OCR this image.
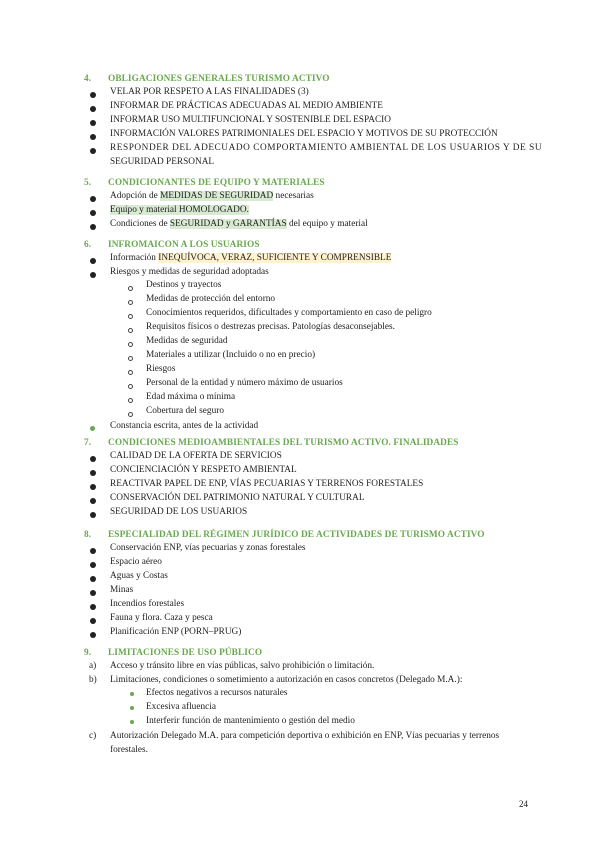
4. OBLIGACIONES GENERALES TURISMO ACTIVO
VELAR POR RESPETO A LAS FINALIDADES (3)
INFORMAR DE PRÁCTICAS ADECUADAS AL MEDIO AMBIENTE
INFORMAR USO MULTIFUNCIONAL Y SOSTENIBLE DEL ESPACIO
INFORMACIÓN VALORES PATRIMONIALES DEL ESPACIO Y MOTIVOS DE SU PROTECCIÓN
RESPONDER DEL ADECUADO COMPORTAMIENTO AMBIENTAL DE LOS USUARIOS Y DE SU
SEGURIDAD PERSONAL
5. CONDICIONANTES DE EQUIPO Y MATERIALES
Adopción de MEDIDAS DE SEGURIDAD necesarias
Equipo y material HOMOLOGADO.
Condiciones de SEGURIDAD y GARANTÍAS del equipo y material
6. INFROMAICON A LOS USUARIOS
Información INEQUÍVOCA, VERAZ, SUFICIENTE Y COMPRENSIBLE
Riesgos y medidas de seguridad adoptadas
Destinos y trayectos
Medidas de protección del entorno
Conocimientos requeridos, dificultades y comportamiento en caso de peligro
Requisitos físicos o destrezas precisas. Patologías desaconsejables.
Medidas de seguridad
Materiales a utilizar (Incluido o no en precio)
Riesgos
Personal de la entidad y número máximo de usuarios
Edad máxima o mínima
Cobertura del seguro
Constancia escrita, antes de la actividad
7. CONDICIONES MEDIOAMBIENTALES DEL TURISMO ACTIVO. FINALIDADES
CALIDAD DE LA OFERTA DE SERVICIOS
CONCIENCIACIÓN Y RESPETO AMBIENTAL
REACTIVAR PAPEL DE ENP, VÍAS PECUARIAS Y TERRENOS FORESTALES
CONSERVACIÓN DEL PATRIMONIO NATURAL Y CULTURAL
SEGURIDAD DE LOS USUARIOS
8. ESPECIALIDAD DEL RÉGIMEN JURÍDICO DE ACTIVIDADES DE TURISMO ACTIVO
Conservación ENP, vías pecuarias y zonas forestales
Espacio aéreo
Aguas y Costas
Minas
Incendios forestales
Fauna y flora. Caza y pesca
Planificación ENP (PORN–PRUG)
9. LIMITACIONES DE USO PÚBLICO
a) Acceso y tránsito libre en vías públicas, salvo prohibición o limitación.
b) Limitaciones, condiciones o sometimiento a autorización en casos concretos (Delegado M.A.):
Efectos negativos a recursos naturales
Excesiva afluencia
Interferir función de mantenimiento o gestión del medio
c) Autorización Delegado M.A. para competición deportiva o exhibición en ENP, Vías pecuarias y terrenos
forestales.
24
